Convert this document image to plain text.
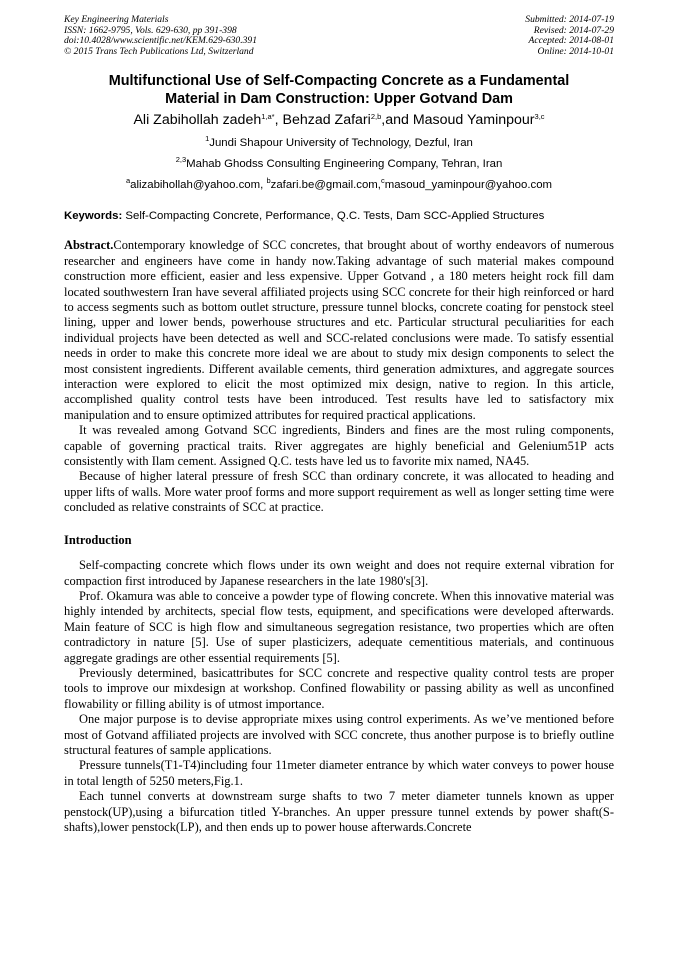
Key Engineering Materials
ISSN: 1662-9795, Vols. 629-630, pp 391-398
doi:10.4028/www.scientific.net/KEM.629-630.391
© 2015 Trans Tech Publications Ltd, Switzerland
Submitted: 2014-07-19
Revised: 2014-07-29
Accepted: 2014-08-01
Online: 2014-10-01
Multifunctional Use of Self-Compacting Concrete as a Fundamental
Material in Dam Construction: Upper Gotvand Dam
Ali Zabihollah zadeh$^{1,a*}$, Behzad Zafari$^{2,b}$,and Masoud Yaminpour$^{3,c}$
$^1$Jundi Shapour University of Technology, Dezful, Iran
$^{2,3}$Mahab Ghodss Consulting Engineering Company, Tehran, Iran
$^a$alizabihollah@yahoo.com, $^b$zafari.be@gmail.com,$^c$masoud_yaminpour@yahoo.com
Keywords: Self-Compacting Concrete, Performance, Q.C. Tests, Dam SCC-Applied Structures

Abstract.Contemporary knowledge of SCC concretes, that brought about of worthy endeavors of numerous researcher and engineers have come in handy now.Taking advantage of such material makes compound construction more efficient, easier and less expensive. Upper Gotvand , a 180 meters height rock fill dam located southwestern Iran have several affiliated projects using SCC concrete for their high reinforced or hard to access segments such as bottom outlet structure, pressure tunnel blocks, concrete coating for penstock steel lining, upper and lower bends, powerhouse structures and etc. Particular structural peculiarities for each individual projects have been detected as well and SCC-related conclusions were made. To satisfy essential needs in order to make this concrete more ideal we are about to study mix design components to select the most consistent ingredients. Different available cements, third generation admixtures, and aggregate sources interaction were explored to elicit the most optimized mix design, native to region. In this article, accomplished quality control tests have been introduced. Test results have led to satisfactory mix manipulation and to ensure optimized attributes for required practical applications.

It was revealed among Gotvand SCC ingredients, Binders and fines are the most ruling components, capable of governing practical traits. River aggregates are highly beneficial and Gelenium51P acts consistently with Ilam cement. Assigned Q.C. tests have led us to favorite mix named, NA45.

Because of higher lateral pressure of fresh SCC than ordinary concrete, it was allocated to heading and upper lifts of walls. More water proof forms and more support requirement as well as longer setting time were concluded as relative constraints of SCC at practice.

Introduction

Self-compacting concrete which flows under its own weight and does not require external vibration for compaction first introduced by Japanese researchers in the late 1980's[3].

Prof. Okamura was able to conceive a powder type of flowing concrete. When this innovative material was highly intended by architects, special flow tests, equipment, and specifications were developed afterwards. Main feature of SCC is high flow and simultaneous segregation resistance, two properties which are often contradictory in nature [5]. Use of super plasticizers, adequate cementitious materials, and continuous aggregate gradings are other essential requirements [5].

Previously determined, basicattributes for SCC concrete and respective quality control tests are proper tools to improve our mixdesign at workshop. Confined flowability or passing ability as well as unconfined flowability or filling ability is of utmost importance.

One major purpose is to devise appropriate mixes using control experiments. As we’ve mentioned before most of Gotvand affiliated projects are involved with SCC concrete, thus another purpose is to briefly outline structural features of sample applications.

Pressure tunnels(T1-T4)including four 11meter diameter entrance by which water conveys to power house in total length of 5250 meters,Fig.1.

Each tunnel converts at downstream surge shafts to two 7 meter diameter tunnels known as upper penstock(UP),using a bifurcation titled Y-branches. An upper pressure tunnel extends by power shaft(S-shafts),lower penstock(LP), and then ends up to power house afterwards.Concrete
